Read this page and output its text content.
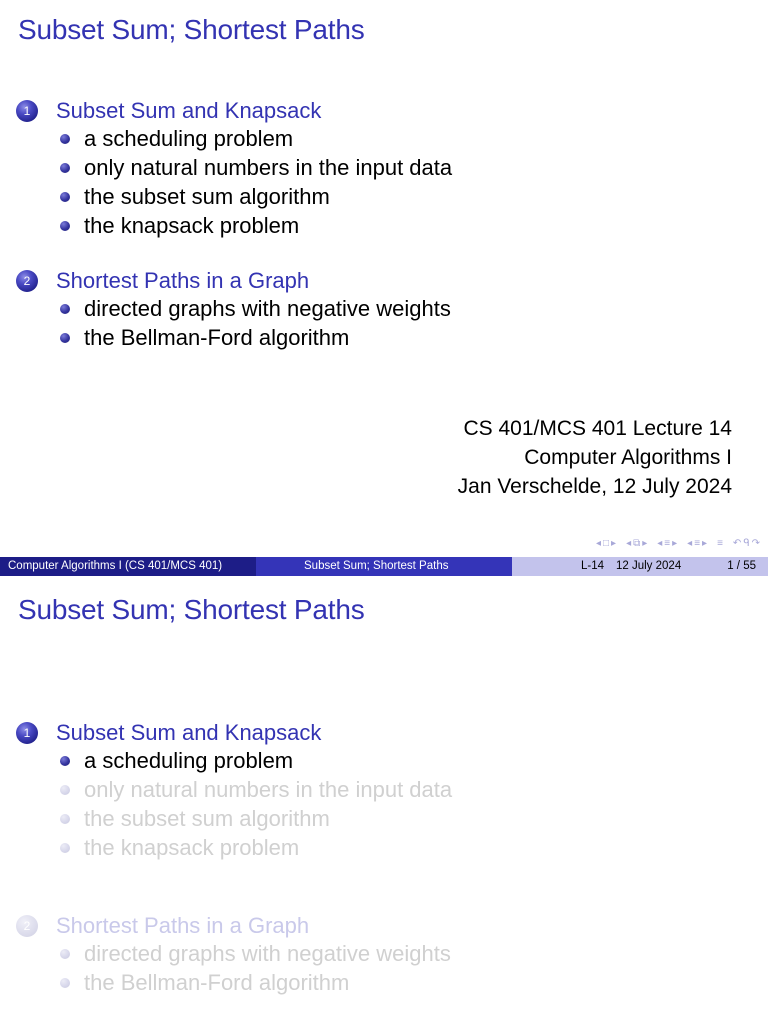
Subset Sum; Shortest Paths
1	Subset Sum and Knapsack
a scheduling problem
only natural numbers in the input data
the subset sum algorithm
the knapsack problem
2	Shortest Paths in a Graph
directed graphs with negative weights
the Bellman-Ford algorithm
CS 401/MCS 401 Lecture 14
Computer Algorithms I
Jan Verschelde, 12 July 2024
◂ □ ▸ ◂ ⧉ ▸ ◂ ≡ ▸ ◂ ≡ ▸ ≡ ↶ ᑫ ↷
Computer Algorithms I (CS 401/MCS 401)	Subset Sum; Shortest Paths	L-14 12 July 2024	1 / 55
Subset Sum; Shortest Paths
1	Subset Sum and Knapsack
a scheduling problem
only natural numbers in the input data
the subset sum algorithm
the knapsack problem
2	Shortest Paths in a Graph
directed graphs with negative weights
the Bellman-Ford algorithm
